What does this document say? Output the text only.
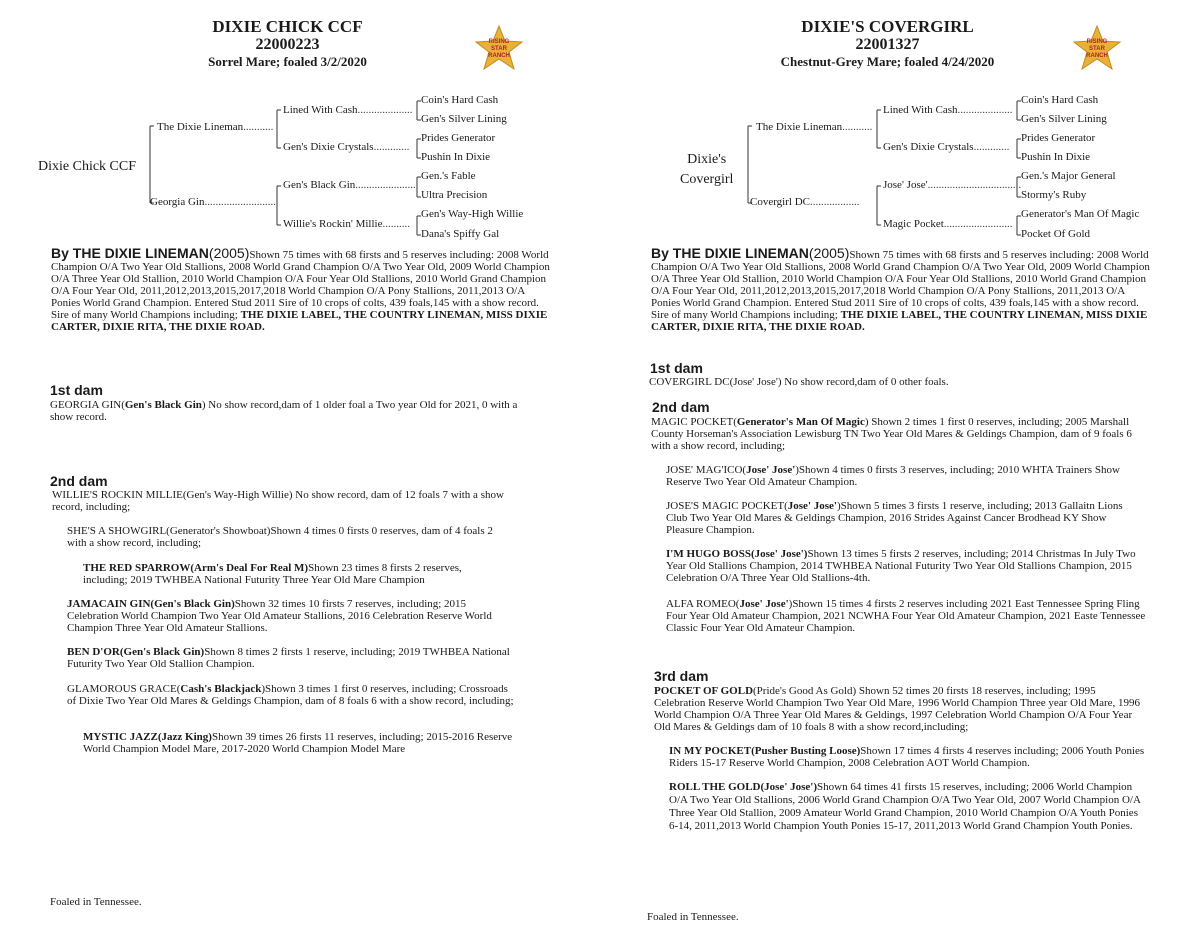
DIXIE CHICK CCF
22000223
Sorrel Mare; foaled 3/2/2020
RISING
STAR
RANCH
Dixie Chick CCF
The Dixie Lineman...........
Georgia Gin..........................
Lined With Cash....................
Gen's Dixie Crystals.............
Gen's Black Gin......................
Willie's Rockin' Millie..........
Coin's Hard Cash
Gen's Silver Lining
Prides Generator
Pushin In Dixie
Gen.'s Fable
Ultra Precision
Gen's Way-High Willie
Dana's Spiffy Gal
By THE DIXIE LINEMAN(2005)Shown 75 times with 68 firsts and 5 reserves including: 2008 World Champion O/A Two Year Old Stallions, 2008 World Grand Champion O/A Two Year Old, 2009 World Champion O/A Three Year Old Stallion, 2010 World Champion O/A Four Year Old Stallions, 2010 World Grand Champion O/A Four Year Old, 2011,2012,2013,2015,2017,2018 World Champion O/A Pony Stallions, 2011,2013 O/A Ponies World Grand Champion. Entered Stud 2011 Sire of 10 crops of colts, 439 foals,145 with a show record. Sire of many World Champions including; THE DIXIE LABEL, THE COUNTRY LINEMAN, MISS DIXIE CARTER, DIXIE RITA, THE DIXIE ROAD.
1st dam
GEORGIA GIN(Gen's Black Gin) No show record,dam of 1 older foal a Two year Old for 2021, 0 with a show record.
2nd dam
WILLIE'S ROCKIN MILLIE(Gen's Way-High Willie) No show record, dam of 12 foals 7 with a show record, including;
SHE'S A SHOWGIRL(Generator's Showboat)Shown 4 times 0 firsts 0 reserves, dam of 4 foals 2 with a show record, including;
THE RED SPARROW(Arm's Deal For Real M)Shown 23 times 8 firsts 2 reserves, including; 2019 TWHBEA National Futurity Three Year Old Mare Champion
JAMACAIN GIN(Gen's Black Gin)Shown 32 times 10 firsts 7 reserves, including; 2015 Celebration World Champion Two Year Old Amateur Stallions, 2016 Celebration Reserve World Champion Three Year Old Amateur Stallions.
BEN D'OR(Gen's Black Gin)Shown 8 times 2 firsts 1 reserve, including; 2019 TWHBEA National Futurity Two Year Old Stallion Champion.
GLAMOROUS GRACE(Cash's Blackjack)Shown 3 times 1 first 0 reserves, including; Crossroads of Dixie Two Year Old Mares & Geldings Champion, dam of 8 foals 6 with a show record, including;
MYSTIC JAZZ(Jazz King)Shown 39 times 26 firsts 11 reserves, including; 2015-2016 Reserve World Champion Model Mare, 2017-2020 World Champion Model Mare
Foaled in Tennessee.
DIXIE'S COVERGIRL
22001327
Chestnut-Grey Mare; foaled 4/24/2020
RISING
STAR
RANCH
Dixie's
Covergirl
The Dixie Lineman...........
Covergirl DC..................
Lined With Cash....................
Gen's Dixie Crystals.............
Jose' Jose'..................................
Magic Pocket.........................
Coin's Hard Cash
Gen's Silver Lining
Prides Generator
Pushin In Dixie
Gen.'s Major General
Stormy's Ruby
Generator's Man Of Magic
Pocket Of Gold
By THE DIXIE LINEMAN(2005)Shown 75 times with 68 firsts and 5 reserves including: 2008 World Champion O/A Two Year Old Stallions, 2008 World Grand Champion O/A Two Year Old, 2009 World Champion O/A Three Year Old Stallion, 2010 World Champion O/A Four Year Old Stallions, 2010 World Grand Champion O/A Four Year Old, 2011,2012,2013,2015,2017,2018 World Champion O/A Pony Stallions, 2011,2013 O/A Ponies World Grand Champion. Entered Stud 2011 Sire of 10 crops of colts, 439 foals,145 with a show record. Sire of many World Champions including; THE DIXIE LABEL, THE COUNTRY LINEMAN, MISS DIXIE CARTER, DIXIE RITA, THE DIXIE ROAD.
1st dam
COVERGIRL DC(Jose' Jose') No show record,dam of 0 other foals.
2nd dam
MAGIC POCKET(Generator's Man Of Magic) Shown 2 times 1 first 0 reserves, including; 2005 Marshall County Horseman's Association Lewisburg TN Two Year Old Mares & Geldings Champion, dam of 9 foals 6 with a show record, including;
JOSE' MAG'ICO(Jose' Jose')Shown 4 times 0 firsts 3 reserves, including; 2010 WHTA Trainers Show Reserve Two Year Old Amateur Champion.
JOSE'S MAGIC POCKET(Jose' Jose')Shown 5 times 3 firsts 1 reserve, including; 2013 Gallaitn Lions Club Two Year Old Mares & Geldings Champion, 2016 Strides Against Cancer Brodhead KY Show Pleasure Champion.
I'M HUGO BOSS(Jose' Jose')Shown 13 times 5 firsts 2 reserves, including; 2014 Christmas In July Two Year Old Stallions Champion, 2014 TWHBEA National Futurity Two Year Old Stallions Champion, 2015 Celebration O/A Three Year Old Stallions-4th.
ALFA ROMEO(Jose' Jose')Shown 15 times 4 firsts 2 reserves including 2021 East Tennessee Spring Fling Four Year Old Amateur Champion, 2021 NCWHA Four Year Old Amateur Champion, 2021 Easte Tennessee Classic Four Year Old Amateur Champion.
3rd dam
POCKET OF GOLD(Pride's Good As Gold) Shown 52 times 20 firsts 18 reserves, including; 1995 Celebration Reserve World Champion Two Year Old Mare, 1996 World Champion Three year Old Mare, 1996 World Champion O/A Three Year Old Mares & Geldings, 1997 Celebration World Champion O/A Four Year Old Mares & Geldings dam of 10 foals 8 with a show record,including;
IN MY POCKET(Pusher Busting Loose)Shown 17 times 4 firsts 4 reserves including; 2006 Youth Ponies Riders 15-17 Reserve World Champion, 2008 Celebration AOT World Champion.
ROLL THE GOLD(Jose' Jose')Shown 64 times 41 firsts 15 reserves, including; 2006 World Champion O/A Two Year Old Stallions, 2006 World Grand Champion O/A Two Year Old, 2007 World Champion O/A Three Year Old Stallion, 2009 Amateur World Grand Champion, 2010 World Champion O/A Youth Ponies 6-14, 2011,2013 World Champion Youth Ponies 15-17, 2011,2013 World Grand Champion Youth Ponies.
Foaled in Tennessee.
